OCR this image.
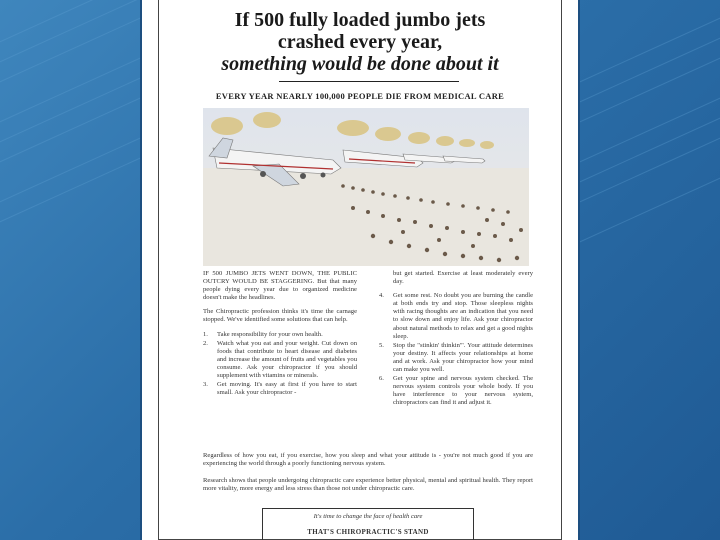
If 500 fully loaded jumbo jets
crashed every year,
something would be done about it
EVERY YEAR NEARLY 100,000 PEOPLE DIE FROM MEDICAL CARE

IF 500 JUMBO JETS WENT DOWN, THE PUBLIC OUTCRY WOULD BE STAGGERING. But that many people dying every year due to organized medicine doesn't make the headlines.

The Chiropractic profession thinks it's time the carnage stopped. We've identified some solutions that can help.

1. Take responsibility for your own health.
2. Watch what you eat and your weight. Cut down on foods that contribute to heart disease and diabetes and increase the amount of fruits and vegetables you consume. Ask your chiropractor if you should supplement with vitamins or minerals.
3. Get moving. It's easy at first if you have to start small. Ask your chiropractor -

but get started. Exercise at least moderately every day.

4. Get some rest. No doubt you are burning the candle at both ends try and stop. Those sleepless nights with racing thoughts are an indication that you need to slow down and enjoy life. Ask your chiropractor about natural methods to relax and get a good nights sleep.
5. Stop the "stinkin' thinkin'". Your attitude determines your destiny. It affects your relationships at home and at work. Ask your chiropractor how your mind can make you well.
6. Get your spine and nervous system checked. The nervous system controls your whole body. If you have interference to your nervous system, chiropractors can find it and adjust it.
Regardless of how you eat, if you exercise, how you sleep and what your attitude is - you're not much good if you are experiencing the world through a poorly functioning nervous system.
Research shows that people undergoing chiropractic care experience better physical, mental and spiritual health. They report more vitality, more energy and less stress than those not under chiropractic care.
It's time to change the face of health care
THAT'S CHIROPRACTIC'S STAND
